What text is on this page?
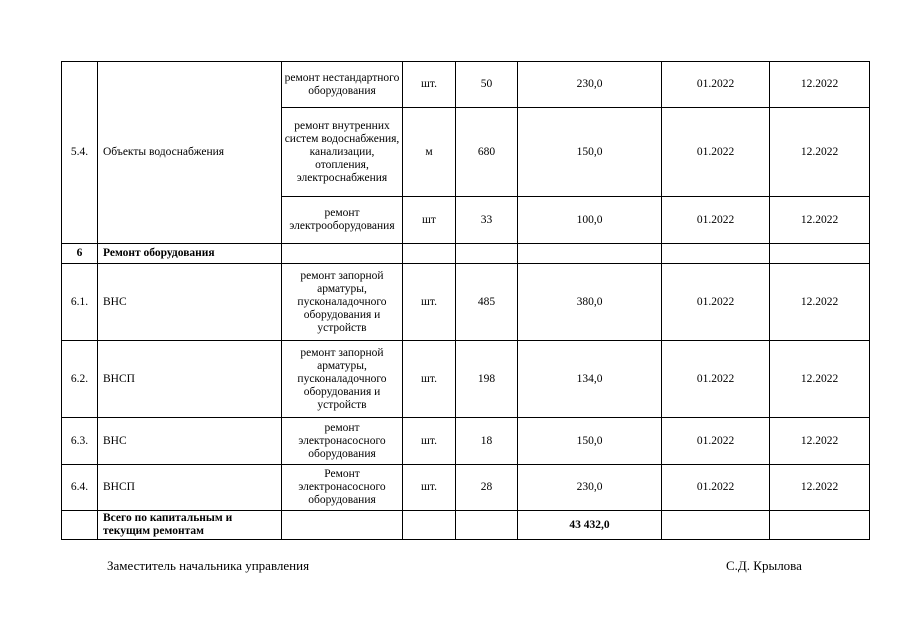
5.4.	Объекты водоснабжения	ремонт нестандартного оборудования	шт.	50	230,0	01.2022	12.2022
		ремонт внутренних систем водоснабжения, канализации, отопления, электроснабжения	м	680	150,0	01.2022	12.2022
		ремонт электрооборудования	шт	33	100,0	01.2022	12.2022
6	Ремонт оборудования						
6.1.	ВНС	ремонт запорной арматуры, пусконаладочного оборудования и устройств	шт.	485	380,0	01.2022	12.2022
6.2.	ВНСП	ремонт запорной арматуры, пусконаладочного оборудования и устройств	шт.	198	134,0	01.2022	12.2022
6.3.	ВНС	ремонт электронасосного оборудования	шт.	18	150,0	01.2022	12.2022
6.4.	ВНСП	Ремонт электронасосного оборудования	шт.	28	230,0	01.2022	12.2022
	Всего по капитальным и текущим ремонтам				43 432,0		
Заместитель начальника управления	С.Д. Крылова
